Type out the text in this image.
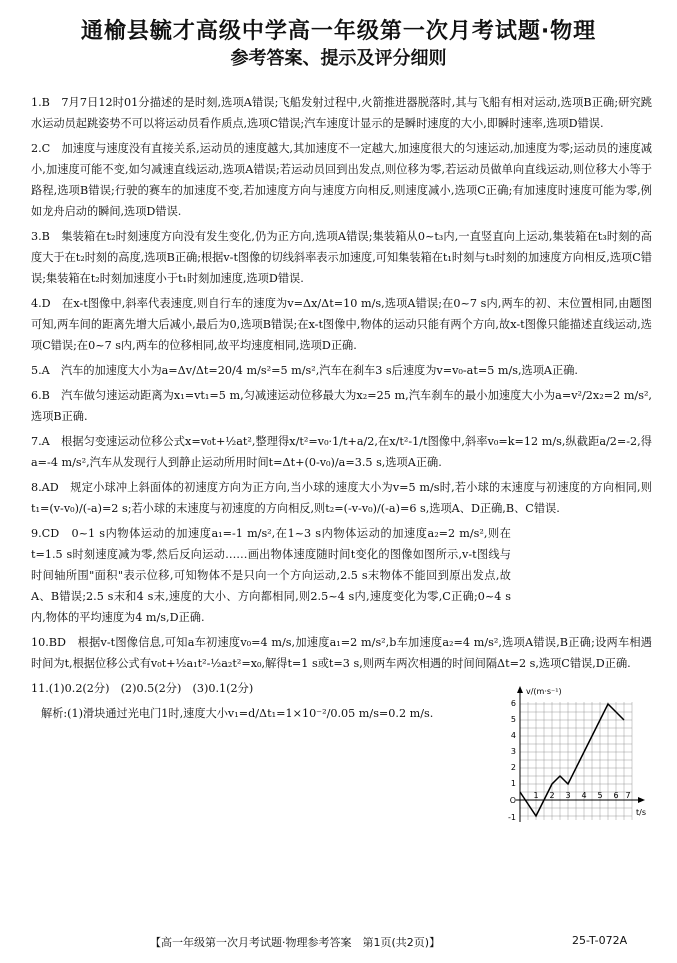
通榆县毓才高级中学高一年级第一次月考试题·物理
参考答案、提示及评分细则

1.B　7月7日12时01分描述的是时刻,选项A错误;飞船发射过程中,火箭推进器脱落时,其与飞船有相对运动,选项B正确;研究跳水运动员起跳姿势不可以将运动员看作质点,选项C错误;汽车速度计显示的是瞬时速度的大小,即瞬时速率,选项D错误.

2.C　加速度与速度没有直接关系,运动员的速度越大,其加速度不一定越大,加速度很大的匀速运动,加速度为零;运动员的速度减小,加速度可能不变,如匀减速直线运动,选项A错误;若运动员回到出发点,则位移为零,若运动员做单向直线运动,则位移大小等于路程,选项B错误;行驶的赛车的加速度不变,若加速度方向与速度方向相反,则速度减小,选项C正确;有加速度时速度可能为零,例如龙舟启动的瞬间,选项D错误.

3.B　集装箱在t₂时刻速度方向没有发生变化,仍为正方向,选项A错误;集装箱从0~t₃内,一直竖直向上运动,集装箱在t₃时刻的高度大于在t₂时刻的高度,选项B正确;根据v-t图像的切线斜率表示加速度,可知集装箱在t₁时刻与t₃时刻的加速度方向相反,选项C错误;集装箱在t₂时刻加速度小于t₁时刻加速度,选项D错误.

4.D　在x-t图像中,斜率代表速度,则自行车的速度为v=Δx/Δt=10 m/s,选项A错误;在0~7 s内,两车的初、末位置相同,由题图可知,两车间的距离先增大后减小,最后为0,选项B错误;在x-t图像中,物体的运动只能有两个方向,故x-t图像只能描述直线运动,选项C错误;在0~7 s内,两车的位移相同,故平均速度相同,选项D正确.

5.A　汽车的加速度大小为a=Δv/Δt=20/4 m/s²=5 m/s²,汽车在刹车3 s后速度为v=v₀-at=5 m/s,选项A正确.

6.B　汽车做匀速运动距离为x₁=vt₁=5 m,匀减速运动位移最大为x₂=25 m,汽车刹车的最小加速度大小为a=v²/2x₂=2 m/s²,选项B正确.

7.A　根据匀变速运动位移公式x=v₀t+½at²,整理得x/t²=v₀·1/t+a/2,在x/t²-1/t图像中,斜率v₀=k=12 m/s,纵截距a/2=-2,得a=-4 m/s²,汽车从发现行人到静止运动所用时间t=Δt+(0-v₀)/a=3.5 s,选项A正确.

8.AD　规定小球冲上斜面体的初速度方向为正方向,当小球的速度大小为v=5 m/s时,若小球的末速度与初速度的方向相同,则t₁=(v-v₀)/(-a)=2 s;若小球的末速度与初速度的方向相反,则t₂=(-v-v₀)/(-a)=6 s,选项A、D正确,B、C错误.

9.CD　0~1 s内物体运动的加速度a₁=-1 m/s²,在1~3 s内物体运动的加速度a₂=2 m/s²,则在t=1.5 s时刻速度减为零,然后反向运动……画出物体速度随时间t变化的图像如图所示,v-t图线与时间轴所围"面积"表示位移,可知物体不是只向一个方向运动,2.5 s末物体不能回到原出发点,故A、B错误;2.5 s末和4 s末,速度的大小、方向都相同,则2.5~4 s内,速度变化为零,C正确;0~4 s内,物体的平均速度为4 m/s,D正确.

10.BD　根据v-t图像信息,可知a车初速度v₀=4 m/s,加速度a₁=2 m/s²,b车加速度a₂=4 m/s²,选项A错误,B正确;设两车相遇时间为t,根据位移公式有v₀t+½a₁t²-½a₂t²=x₀,解得t=1 s或t=3 s,则两车两次相遇的时间间隔Δt=2 s,选项C错误,D正确.

11.(1)0.2(2分)　(2)0.5(2分)　(3)0.1(2分)

解析:(1)滑块通过光电门1时,速度大小v₁=d/Δt₁=1×10⁻²/0.05 m/s=0.2 m/s.

v/(m·s⁻¹)
t/s
6
5
4
3
2
1
O
-1
1 2 3 4 5 6 7
【高一年级第一次月考试题·物理参考答案　第1页(共2页)】	25-T-072A
